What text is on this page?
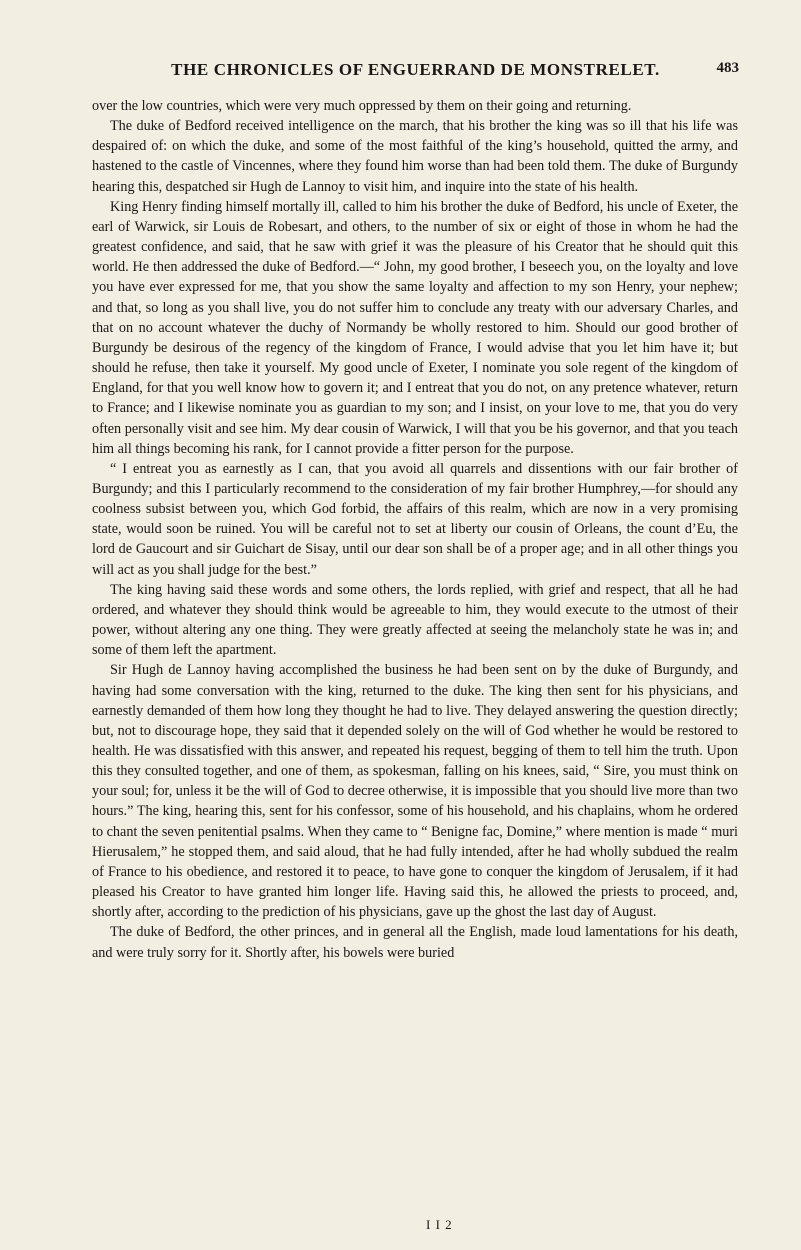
THE CHRONICLES OF ENGUERRAND DE MONSTRELET.	483

over the low countries, which were very much oppressed by them on their going and returning.

The duke of Bedford received intelligence on the march, that his brother the king was so ill that his life was despaired of: on which the duke, and some of the most faithful of the king’s household, quitted the army, and hastened to the castle of Vincennes, where they found him worse than had been told them. The duke of Burgundy hearing this, despatched sir Hugh de Lannoy to visit him, and inquire into the state of his health.

King Henry finding himself mortally ill, called to him his brother the duke of Bedford, his uncle of Exeter, the earl of Warwick, sir Louis de Robesart, and others, to the number of six or eight of those in whom he had the greatest confidence, and said, that he saw with grief it was the pleasure of his Creator that he should quit this world. He then addressed the duke of Bedford.—“ John, my good brother, I beseech you, on the loyalty and love you have ever expressed for me, that you show the same loyalty and affection to my son Henry, your nephew; and that, so long as you shall live, you do not suffer him to conclude any treaty with our adversary Charles, and that on no account whatever the duchy of Normandy be wholly restored to him. Should our good brother of Burgundy be desirous of the regency of the kingdom of France, I would advise that you let him have it; but should he refuse, then take it yourself. My good uncle of Exeter, I nominate you sole regent of the kingdom of England, for that you well know how to govern it; and I entreat that you do not, on any pretence whatever, return to France; and I likewise nominate you as guardian to my son; and I insist, on your love to me, that you do very often personally visit and see him. My dear cousin of Warwick, I will that you be his governor, and that you teach him all things becoming his rank, for I cannot provide a fitter person for the purpose.

“ I entreat you as earnestly as I can, that you avoid all quarrels and dissentions with our fair brother of Burgundy; and this I particularly recommend to the consideration of my fair brother Humphrey,—for should any coolness subsist between you, which God forbid, the affairs of this realm, which are now in a very promising state, would soon be ruined. You will be careful not to set at liberty our cousin of Orleans, the count d’Eu, the lord de Gaucourt and sir Guichart de Sisay, until our dear son shall be of a proper age; and in all other things you will act as you shall judge for the best.”

The king having said these words and some others, the lords replied, with grief and respect, that all he had ordered, and whatever they should think would be agreeable to him, they would execute to the utmost of their power, without altering any one thing. They were greatly affected at seeing the melancholy state he was in; and some of them left the apartment.

Sir Hugh de Lannoy having accomplished the business he had been sent on by the duke of Burgundy, and having had some conversation with the king, returned to the duke. The king then sent for his physicians, and earnestly demanded of them how long they thought he had to live. They delayed answering the question directly; but, not to discourage hope, they said that it depended solely on the will of God whether he would be restored to health. He was dissatisfied with this answer, and repeated his request, begging of them to tell him the truth. Upon this they consulted together, and one of them, as spokesman, falling on his knees, said, “ Sire, you must think on your soul; for, unless it be the will of God to decree otherwise, it is impossible that you should live more than two hours.” The king, hearing this, sent for his confessor, some of his household, and his chaplains, whom he ordered to chant the seven penitential psalms. When they came to “ Benigne fac, Domine,” where mention is made “ muri Hierusalem,” he stopped them, and said aloud, that he had fully intended, after he had wholly subdued the realm of France to his obedience, and restored it to peace, to have gone to conquer the kingdom of Jerusalem, if it had pleased his Creator to have granted him longer life. Having said this, he allowed the priests to proceed, and, shortly after, according to the prediction of his physicians, gave up the ghost the last day of August.

The duke of Bedford, the other princes, and in general all the English, made loud lamentations for his death, and were truly sorry for it. Shortly after, his bowels were buried

I I 2
